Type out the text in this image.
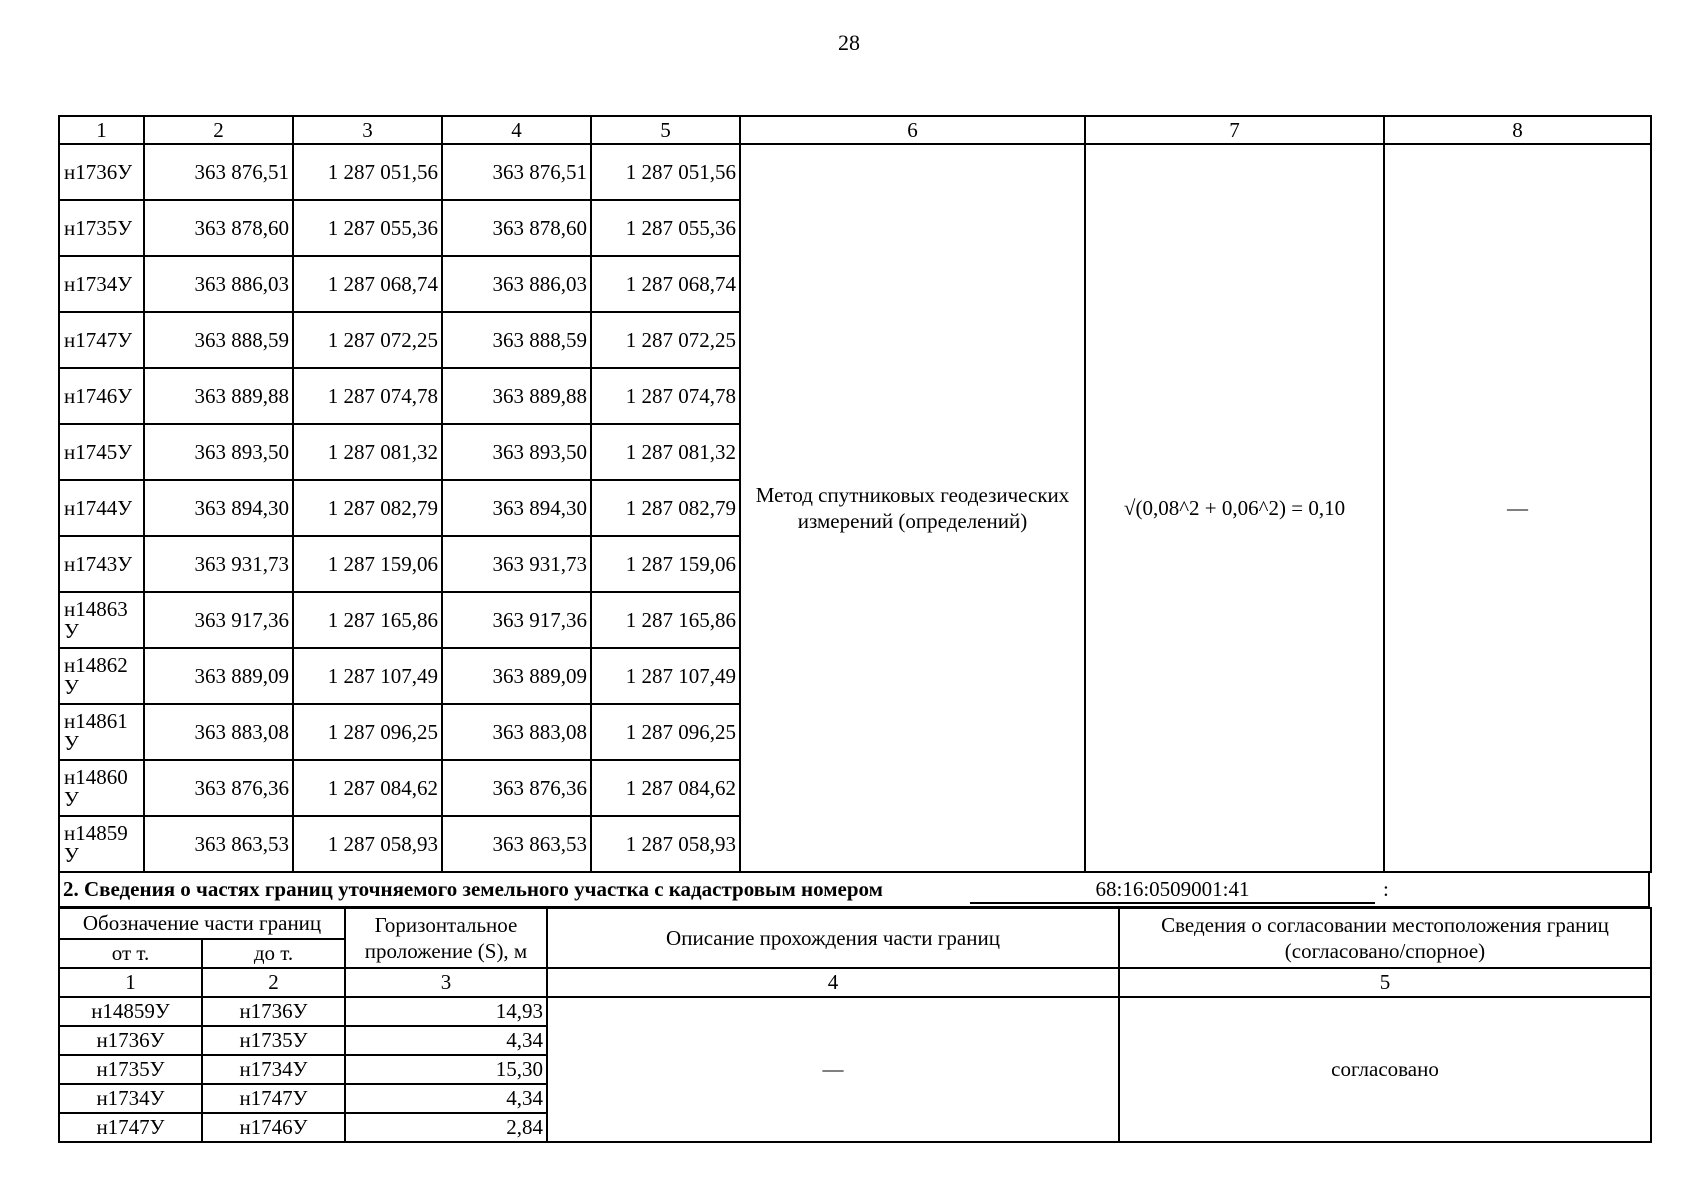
28
1	2	3	4	5	6	7	8
н1736У	363 876,51	1 287 051,56	363 876,51	1 287 051,56	Метод спутниковых геодезических измерений (определений)	√(0,08^2 + 0,06^2) = 0,10	—
н1735У	363 878,60	1 287 055,36	363 878,60	1 287 055,36			
н1734У	363 886,03	1 287 068,74	363 886,03	1 287 068,74			
н1747У	363 888,59	1 287 072,25	363 888,59	1 287 072,25			
н1746У	363 889,88	1 287 074,78	363 889,88	1 287 074,78			
н1745У	363 893,50	1 287 081,32	363 893,50	1 287 081,32			
н1744У	363 894,30	1 287 082,79	363 894,30	1 287 082,79			
н1743У	363 931,73	1 287 159,06	363 931,73	1 287 159,06			
н14863 У	363 917,36	1 287 165,86	363 917,36	1 287 165,86			
н14862 У	363 889,09	1 287 107,49	363 889,09	1 287 107,49			
н14861 У	363 883,08	1 287 096,25	363 883,08	1 287 096,25			
н14860 У	363 876,36	1 287 084,62	363 876,36	1 287 084,62			
н14859 У	363 863,53	1 287 058,93	363 863,53	1 287 058,93			
2. Сведения о частях границ уточняемого земельного участка с кадастровым номером	68:16:0509001:41	:
Обозначение части границ		Горизонтальное проложение (S), м	Описание прохождения части границ	Сведения о согласовании местоположения границ (согласовано/спорное)
от т.	до т.			
1	2	3	4	5
н14859У	н1736У	14,93	—	согласовано
н1736У	н1735У	4,34		
н1735У	н1734У	15,30		
н1734У	н1747У	4,34		
н1747У	н1746У	2,84		
